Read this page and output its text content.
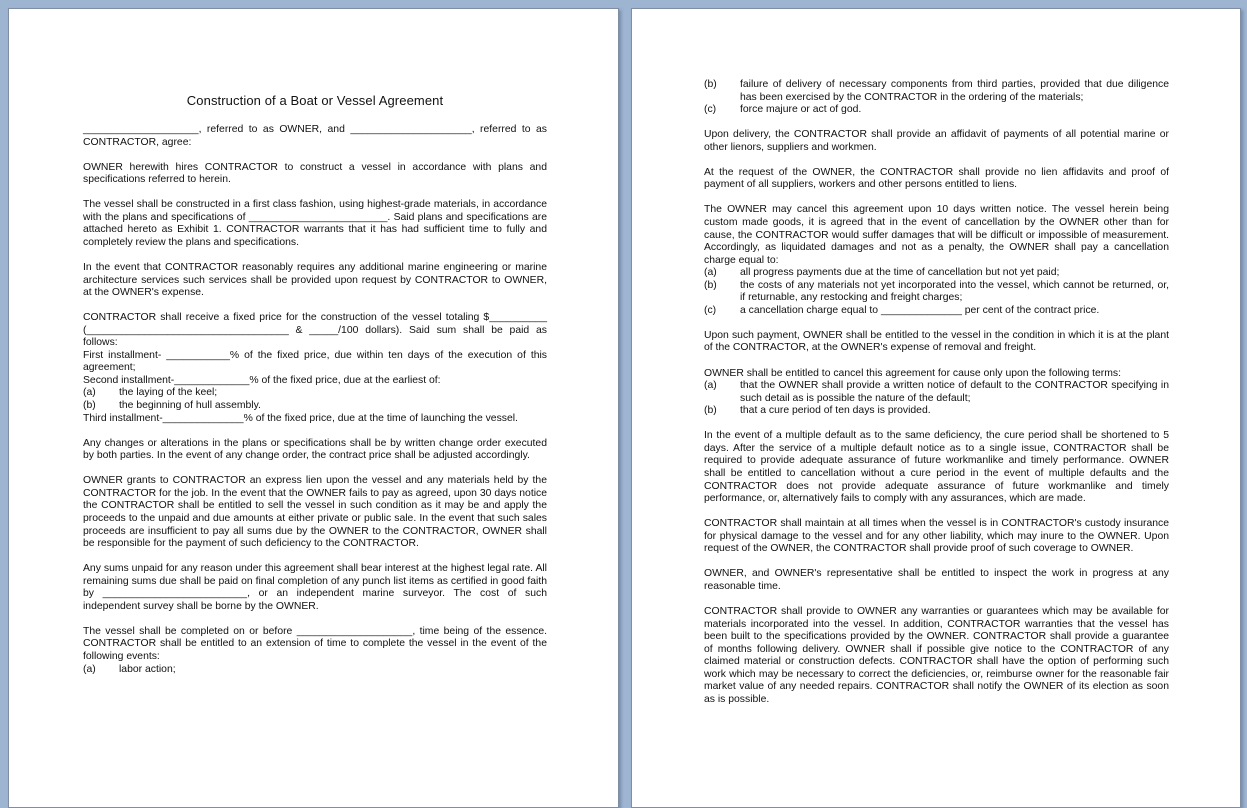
Construction of a Boat or Vessel Agreement

____________________, referred to as OWNER, and _____________________, referred to as CONTRACTOR, agree:

OWNER herewith hires CONTRACTOR to construct a vessel in accordance with plans and specifications referred to herein.

The vessel shall be constructed in a first class fashion, using highest-grade materials, in accordance with the plans and specifications of ________________________. Said plans and specifications are attached hereto as Exhibit 1. CONTRACTOR warrants that it has had sufficient time to fully and completely review the plans and specifications.

In the event that CONTRACTOR reasonably requires any additional marine engineering or marine architecture services such services shall be provided upon request by CONTRACTOR to OWNER, at the OWNER's expense.

CONTRACTOR shall receive a fixed price for the construction of the vessel totaling $__________ (___________________________________ & _____/100 dollars). Said sum shall be paid as follows:

First installment- ___________% of the fixed price, due within ten days of the execution of this agreement;
Second installment-_____________% of the fixed price, due at the earliest of:
(a)	the laying of the keel;
(b)	the beginning of hull assembly.
Third installment-______________% of the fixed price, due at the time of launching the vessel.

Any changes or alterations in the plans or specifications shall be by written change order executed by both parties. In the event of any change order, the contract price shall be adjusted accordingly.

OWNER grants to CONTRACTOR an express lien upon the vessel and any materials held by the CONTRACTOR for the job. In the event that the OWNER fails to pay as agreed, upon 30 days notice the CONTRACTOR shall be entitled to sell the vessel in such condition as it may be and apply the proceeds to the unpaid and due amounts at either private or public sale. In the event that such sales proceeds are insufficient to pay all sums due by the OWNER to the CONTRACTOR, OWNER shall be responsible for the payment of such deficiency to the CONTRACTOR.

Any sums unpaid for any reason under this agreement shall bear interest at the highest legal rate. All remaining sums due shall be paid on final completion of any punch list items as certified in good faith by _________________________, or an independent marine surveyor. The cost of such independent survey shall be borne by the OWNER.

The vessel shall be completed on or before ____________________, time being of the essence. CONTRACTOR shall be entitled to an extension of time to complete the vessel in the event of the following events:

(a)	labor action;
(b)	failure of delivery of necessary components from third parties, provided that due diligence has been exercised by the CONTRACTOR in the ordering of the materials;
(c)	force majure or act of god.

Upon delivery, the CONTRACTOR shall provide an affidavit of payments of all potential marine or other lienors, suppliers and workmen.

At the request of the OWNER, the CONTRACTOR shall provide no lien affidavits and proof of payment of all suppliers, workers and other persons entitled to liens.

The OWNER may cancel this agreement upon 10 days written notice. The vessel herein being custom made goods, it is agreed that in the event of cancellation by the OWNER other than for cause, the CONTRACTOR would suffer damages that will be difficult or impossible of measurement. Accordingly, as liquidated damages and not as a penalty, the OWNER shall pay a cancellation charge equal to:

(a)	all progress payments due at the time of cancellation but not yet paid;
(b)	the costs of any materials not yet incorporated into the vessel, which cannot be returned, or, if returnable, any restocking and freight charges;
(c)	a cancellation charge equal to ______________ per cent of the contract price.

Upon such payment, OWNER shall be entitled to the vessel in the condition in which it is at the plant of the CONTRACTOR, at the OWNER's expense of removal and freight.

OWNER shall be entitled to cancel this agreement for cause only upon the following terms:

(a)	that the OWNER shall provide a written notice of default to the CONTRACTOR specifying in such detail as is possible the nature of the default;
(b)	that a cure period of ten days is provided.

In the event of a multiple default as to the same deficiency, the cure period shall be shortened to 5 days. After the service of a multiple default notice as to a single issue, CONTRACTOR shall be required to provide adequate assurance of future workmanlike and timely performance. OWNER shall be entitled to cancellation without a cure period in the event of multiple defaults and the CONTRACTOR does not provide adequate assurance of future workmanlike and timely performance, or, alternatively fails to comply with any assurances, which are made.

CONTRACTOR shall maintain at all times when the vessel is in CONTRACTOR's custody insurance for physical damage to the vessel and for any other liability, which may inure to the OWNER. Upon request of the OWNER, the CONTRACTOR shall provide proof of such coverage to OWNER.

OWNER, and OWNER's representative shall be entitled to inspect the work in progress at any reasonable time.

CONTRACTOR shall provide to OWNER any warranties or guarantees which may be available for materials incorporated into the vessel. In addition, CONTRACTOR warranties that the vessel has been built to the specifications provided by the OWNER. CONTRACTOR shall provide a guarantee of months following delivery. OWNER shall if possible give notice to the CONTRACTOR of any claimed material or construction defects. CONTRACTOR shall have the option of performing such work which may be necessary to correct the deficiencies, or, reimburse owner for the reasonable fair market value of any needed repairs. CONTRACTOR shall notify the OWNER of its election as soon as is possible.
